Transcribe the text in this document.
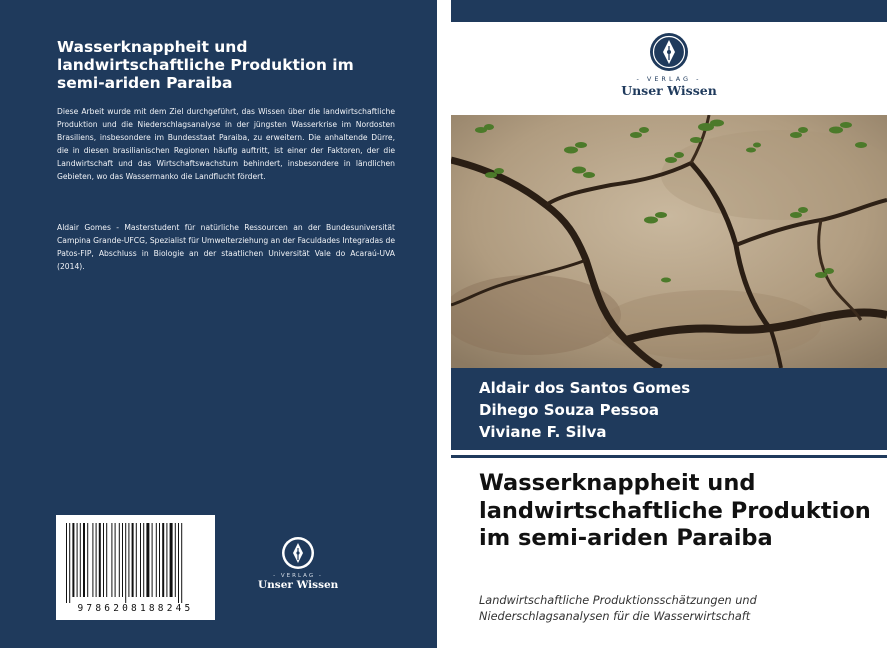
Wasserknappheit und landwirtschaftliche Produktion im semi-ariden Paraiba

Diese Arbeit wurde mit dem Ziel durchgeführt, das Wissen über die landwirtschaftliche Produktion und die Niederschlagsanalyse in der jüngsten Wasserkrise im Nordosten Brasiliens, insbesondere im Bundesstaat Paraiba, zu erweitern. Die anhaltende Dürre, die in diesen brasilianischen Regionen häufig auftritt, ist einer der Faktoren, der die Landwirtschaft und das Wirtschaftswachstum behindert, insbesondere in ländlichen Gebieten, wo das Wassermanko die Landflucht fördert.

Aldair Gomes - Masterstudent für natürliche Ressourcen an der Bundesuniversität Campina Grande-UFCG, Spezialist für Umwelterziehung an der Faculdades Integradas de Patos-FIP, Abschluss in Biologie an der staatlichen Universität Vale do Acaraú-UVA (2014).

9786208188245
- VERLAG -
Unser Wissen
- VERLAG -
Unser Wissen
Aldair dos Santos Gomes
Dihego Souza Pessoa
Viviane F. Silva
Wasserknappheit und landwirtschaftliche Produktion im semi-ariden Paraiba

Landwirtschaftliche Produktionsschätzungen und Niederschlagsanalysen für die Wasserwirtschaft
